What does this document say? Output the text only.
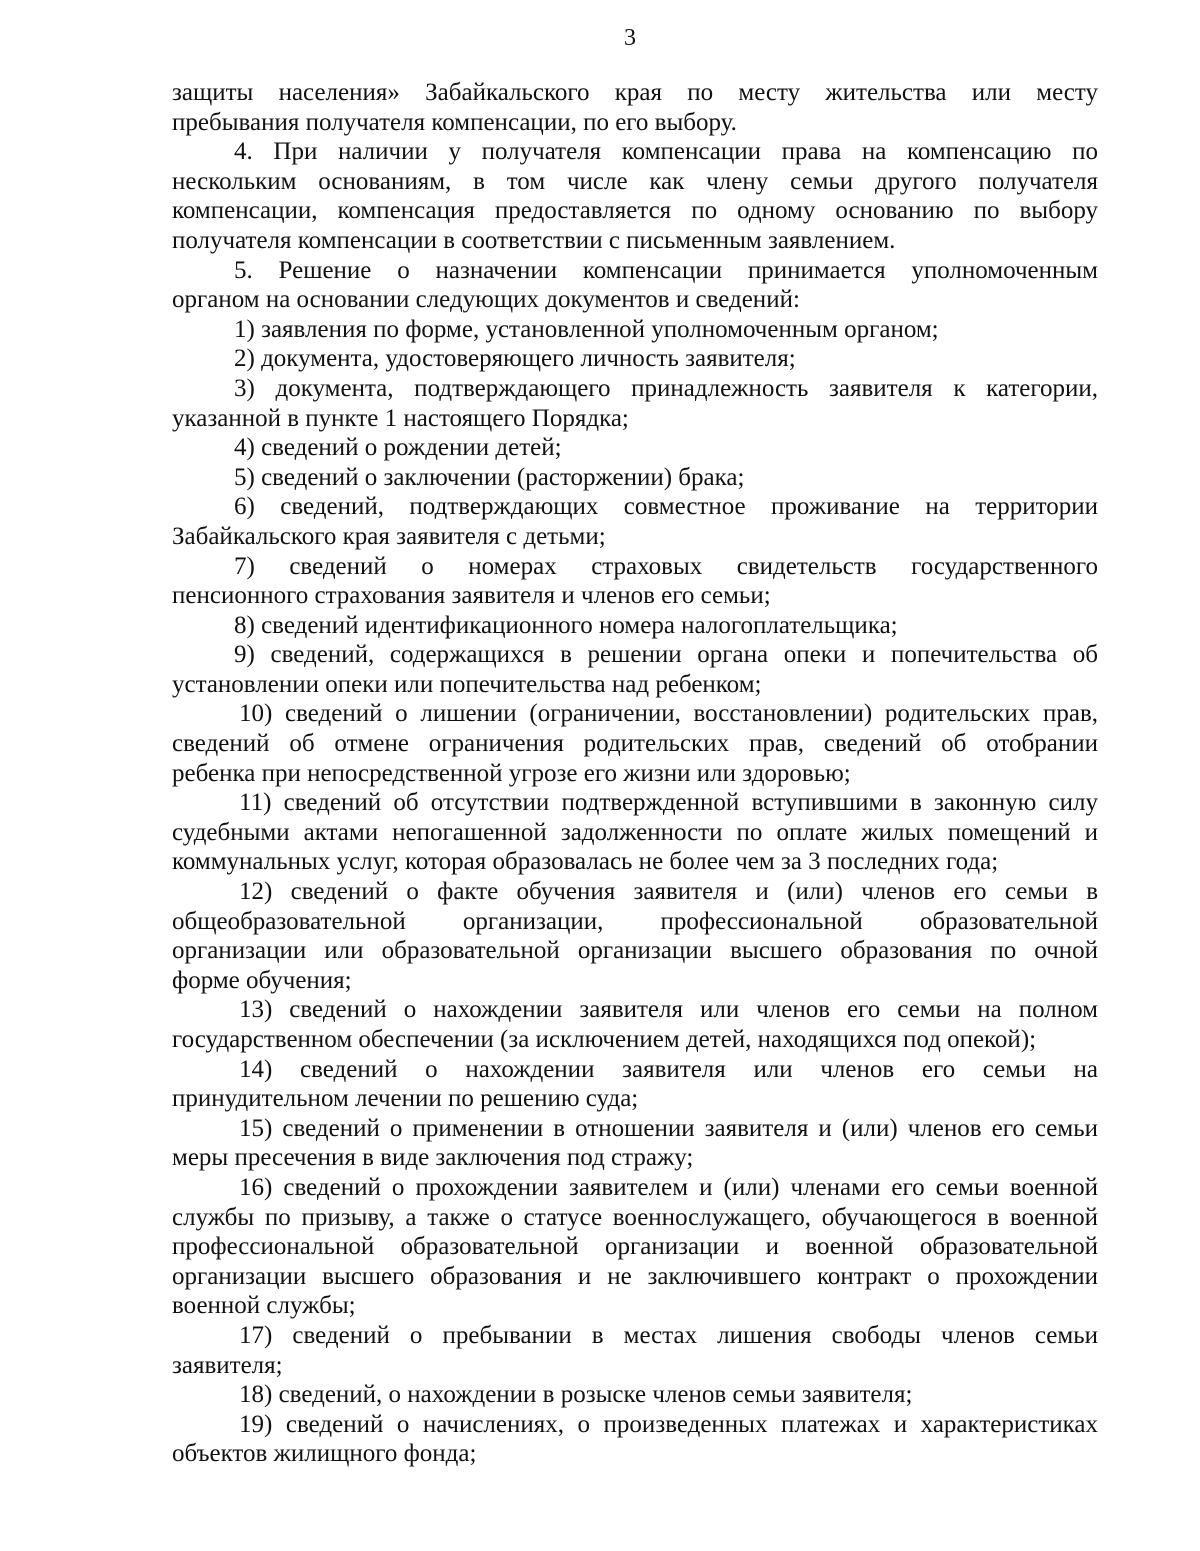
3
защиты населения» Забайкальского края по месту жительства или месту
пребывания получателя компенсации, по его выбору.
4. При наличии у получателя компенсации права на компенсацию по
нескольким основаниям, в том числе как члену семьи другого получателя
компенсации, компенсация предоставляется по одному основанию по выбору
получателя компенсации в соответствии с письменным заявлением.
5. Решение о назначении компенсации принимается уполномоченным
органом на основании следующих документов и сведений:
1) заявления по форме, установленной уполномоченным органом;
2) документа, удостоверяющего личность заявителя;
3) документа, подтверждающего принадлежность заявителя к категории,
указанной в пункте 1 настоящего Порядка;
4) сведений о рождении детей;
5) сведений о заключении (расторжении) брака;
6) сведений, подтверждающих совместное проживание на территории
Забайкальского края заявителя с детьми;
7) сведений о номерах страховых свидетельств государственного
пенсионного страхования заявителя и членов его семьи;
8) сведений идентификационного номера налогоплательщика;
9) сведений, содержащихся в решении органа опеки и попечительства об
установлении опеки или попечительства над ребенком;
10) сведений о лишении (ограничении, восстановлении) родительских прав,
сведений об отмене ограничения родительских прав, сведений об отобрании
ребенка при непосредственной угрозе его жизни или здоровью;
11) сведений об отсутствии подтвержденной вступившими в законную силу
судебными актами непогашенной задолженности по оплате жилых помещений и
коммунальных услуг, которая образовалась не более чем за 3 последних года;
12) сведений о факте обучения заявителя и (или) членов его семьи в
общеобразовательной организации, профессиональной образовательной
организации или образовательной организации высшего образования по очной
форме обучения;
13) сведений о нахождении заявителя или членов его семьи на полном
государственном обеспечении (за исключением детей, находящихся под опекой);
14) сведений о нахождении заявителя или членов его семьи на
принудительном лечении по решению суда;
15) сведений о применении в отношении заявителя и (или) членов его семьи
меры пресечения в виде заключения под стражу;
16) сведений о прохождении заявителем и (или) членами его семьи военной
службы по призыву, а также о статусе военнослужащего, обучающегося в военной
профессиональной образовательной организации и военной образовательной
организации высшего образования и не заключившего контракт о прохождении
военной службы;
17) сведений о пребывании в местах лишения свободы членов семьи
заявителя;
18) сведений, о нахождении в розыске членов семьи заявителя;
19) сведений о начислениях, о произведенных платежах и характеристиках
объектов жилищного фонда;
